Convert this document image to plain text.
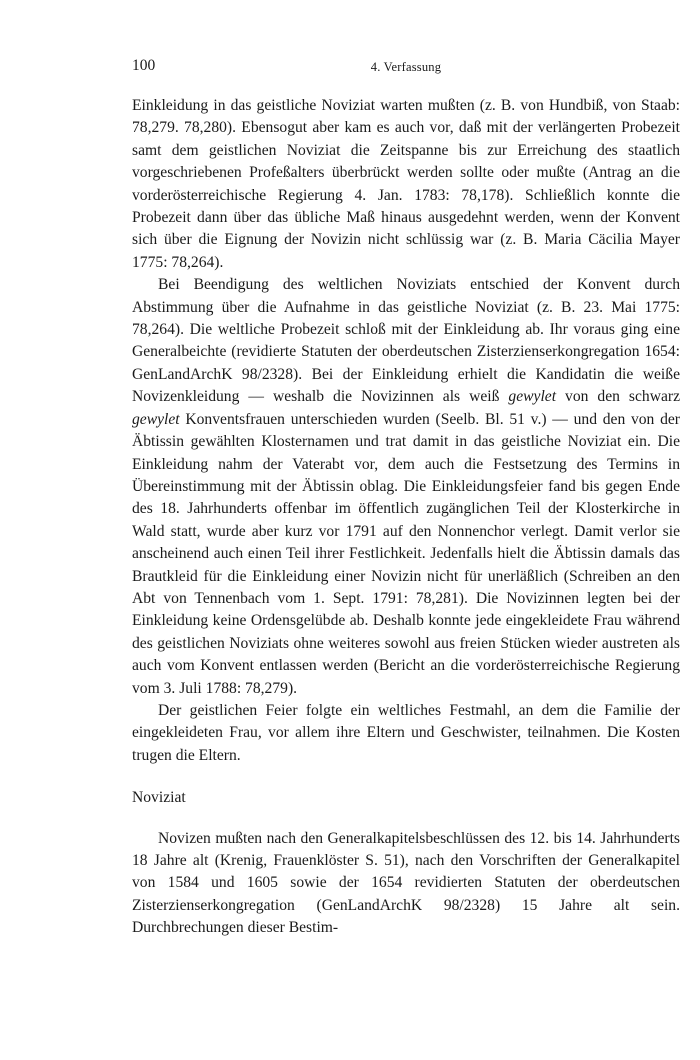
100	4. Verfassung

Einkleidung in das geistliche Noviziat warten mußten (z. B. von Hundbiß, von Staab: 78,279. 78,280). Ebensogut aber kam es auch vor, daß mit der verlängerten Probezeit samt dem geistlichen Noviziat die Zeitspanne bis zur Erreichung des staatlich vorgeschriebenen Profeßalters überbrückt werden sollte oder mußte (Antrag an die vorderösterreichische Regierung 4. Jan. 1783: 78,178). Schließlich konnte die Probezeit dann über das übliche Maß hinaus ausgedehnt werden, wenn der Konvent sich über die Eignung der Novizin nicht schlüssig war (z. B. Maria Cäcilia Mayer 1775: 78,264).

Bei Beendigung des weltlichen Noviziats entschied der Konvent durch Abstimmung über die Aufnahme in das geistliche Noviziat (z. B. 23. Mai 1775: 78,264). Die weltliche Probezeit schloß mit der Einkleidung ab. Ihr voraus ging eine Generalbeichte (revidierte Statuten der oberdeutschen Zisterzienserkongregation 1654: GenLandArchK 98/2328). Bei der Einkleidung erhielt die Kandidatin die weiße Novizenkleidung — weshalb die Novizinnen als weiß gewylet von den schwarz gewylet Konventsfrauen unterschieden wurden (Seelb. Bl. 51 v.) — und den von der Äbtissin gewählten Klosternamen und trat damit in das geistliche Noviziat ein. Die Einkleidung nahm der Vaterabt vor, dem auch die Festsetzung des Termins in Übereinstimmung mit der Äbtissin oblag. Die Einkleidungsfeier fand bis gegen Ende des 18. Jahrhunderts offenbar im öffentlich zugänglichen Teil der Klosterkirche in Wald statt, wurde aber kurz vor 1791 auf den Nonnenchor verlegt. Damit verlor sie anscheinend auch einen Teil ihrer Festlichkeit. Jedenfalls hielt die Äbtissin damals das Brautkleid für die Einkleidung einer Novizin nicht für unerläßlich (Schreiben an den Abt von Tennenbach vom 1. Sept. 1791: 78,281). Die Novizinnen legten bei der Einkleidung keine Ordensgelübde ab. Deshalb konnte jede eingekleidete Frau während des geistlichen Noviziats ohne weiteres sowohl aus freien Stücken wieder austreten als auch vom Konvent entlassen werden (Bericht an die vorderösterreichische Regierung vom 3. Juli 1788: 78,279).

Der geistlichen Feier folgte ein weltliches Festmahl, an dem die Familie der eingekleideten Frau, vor allem ihre Eltern und Geschwister, teilnahmen. Die Kosten trugen die Eltern.

Noviziat

Novizen mußten nach den Generalkapitelsbeschlüssen des 12. bis 14. Jahrhunderts 18 Jahre alt (Krenig, Frauenklöster S. 51), nach den Vorschriften der Generalkapitel von 1584 und 1605 sowie der 1654 revidierten Statuten der oberdeutschen Zisterzienserkongregation (GenLandArchK 98/2328) 15 Jahre alt sein. Durchbrechungen dieser Bestim-
